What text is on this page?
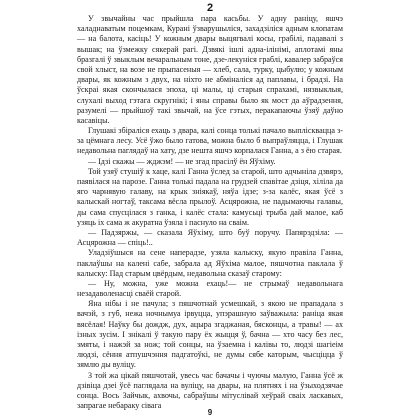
2

У звычайны час прыйшла пара касьбы. У адну раніцу, яшчэ халаднаватым поцемкам, Курані ўзварушыліся, захадзіліся адным клопатам — на балота, касіць! У кожным двары выцягвалі косы, грабілі, падавалі з вышак; на ўзмежку сякерай рагі. Дзвякі ішлі адна-ілінімі, аплотамі яны бразгалі ў звыклым вечаральным тоне, дзе-лекуніся граблі, кавалер забраўся свой хлыст, на возе не прыпасеныя — хлеб, сала, турку, цыбулю; у кожным двары, як кожным з двух, на ніхто не абміналіся ад паплавы, і брадзі. На ўскраі якая скончылася эпоха, ці малы, ці старыя спрахамі, нязвыклыя, слухалі выход гэтага скругнікі; і яны справы было як мост да аўрадзення, разумелі — прыйшоў такі звычай, на ўсе гэтых, перакапаючы ўзяў даўно касавіцы.

Глушакі збіраліся ехаць з двара, калі сонца толькі пачало выплісквацца з-за цёмнага лесу. Усё ўжо было гатова, можна было б выпраўляцца, і Глушак недавольна паглядаў на хату, дзе нешта яшчэ корпалася Ганна, а з ёю старая.

— Ідзі скажы — жджэм! — не згад прасілў ён Яўхіму.

Той узяў стушіў к хаце, калі Ганна ўслед за старой, што адчыніла дзвярэ, паявілася на парозе. Ганна толькі падала на грудзей спавітае дзіця, хіліла да яго чарнявую галаву, на крык зніякаў, няўа ідзе; з-за калёс, якая ўсё з калыскай ногтаў, таксама вёсла прылоў. Асцярожна, не падымаючы галавы, ды сама спусцілася з ганка, і калёс стала: камусьці трыба дай малое, каб узяць іх сама ж акуратна ўзяла і паснуло на сваім.

— Падзяржы, — сказала Яўхіму, што буў поручу. Папярэдзіла: — Асцярожна — спіць!..

Уладзіўшыся на сене наперадзе, узяла калыску, якую правіла Ганна, паклаўшы на калені сабе, забрала ад Яўхіма малое, пяшчотна паклала ў калыску: Пад старым цвёрдым, недавольна сказаў старому:

— Ну, можна, уже можна ехаць!— не стрымаў недавольнага незадаволенасці сваёй старой.

Яна нібы і не пачула; з пяшчотнай усмешкай, з якою не прападала з вачэй, з губ, нежа ночнымуа ірвуцца, упэрашную заўважыла: раніца якая вясёлая! Наўку бы дождж, дух, ацыра згаджаная, бясконцы, а травы! — ах ізных зусім. І знікалі ў такую пару ёх жыцця ў, бачна — хто часу без лес, змяты, і нажэй за нож; той сонцы, на ўзаемна і калівы то, людзі шагіеім людзі, сёння атпушчэння падгатоўкі, не думы сябе каторым, чысціцца ў зямлю ды вуліцу.

З той жа цікай пяшчотай, увесь час бачачы і чуючы малую, Ганна ўсё ж дзівіца дзеі ўсё паглядала на вуліцу, на двары, на плятнях і на ўзыходзячае сонца. Вось Зайчык, ахвочы, сабраўшы мітуслівай хеўрай сваіх ласкавых, запрагае небараку сівага

9
